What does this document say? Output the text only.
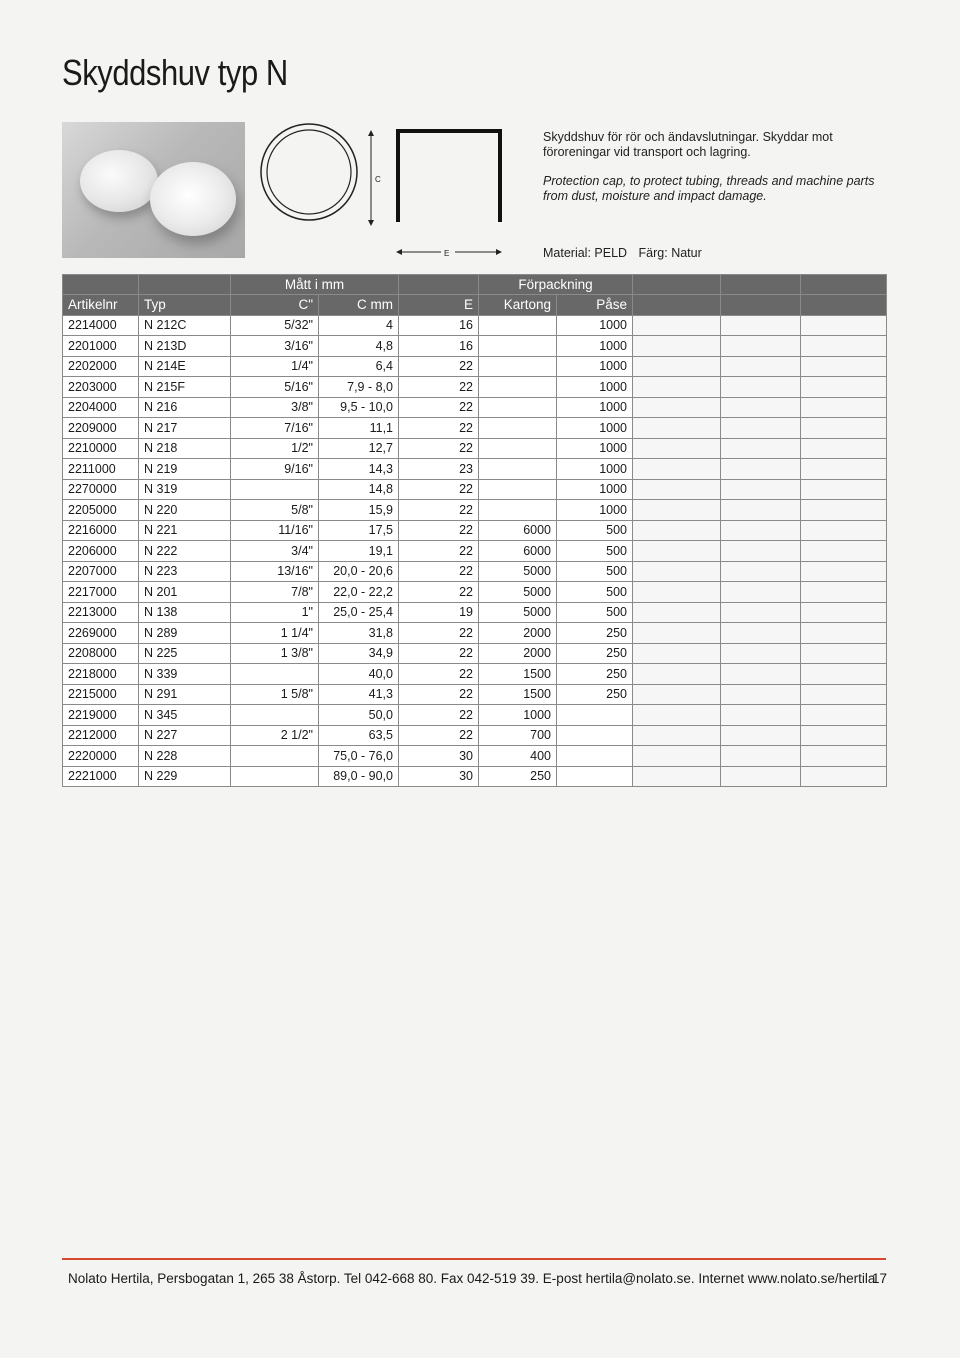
Skyddshuv typ N
C
E

Skyddshuv för rör och ändavslutningar. Skyddar mot föroreningar vid transport och lagring.

Protection cap, to protect tubing, threads and machine parts from dust, moisture and impact damage.

Material: PELD Färg: Natur
		Mått i mm			Förpackning				
Artikelnr	Typ	C"	C mm	E	Kartong	Påse			
2214000	N 212C	5/32"	4	16		1000			
2201000	N 213D	3/16"	4,8	16		1000			
2202000	N 214E	1/4"	6,4	22		1000			
2203000	N 215F	5/16"	7,9 - 8,0	22		1000			
2204000	N 216	3/8"	9,5 - 10,0	22		1000			
2209000	N 217	7/16"	11,1	22		1000			
2210000	N 218	1/2"	12,7	22		1000			
2211000	N 219	9/16"	14,3	23		1000			
2270000	N 319		14,8	22		1000			
2205000	N 220	5/8"	15,9	22		1000			
2216000	N 221	11/16"	17,5	22	6000	500			
2206000	N 222	3/4"	19,1	22	6000	500			
2207000	N 223	13/16"	20,0 - 20,6	22	5000	500			
2217000	N 201	7/8"	22,0 - 22,2	22	5000	500			
2213000	N 138	1"	25,0 - 25,4	19	5000	500			
2269000	N 289	1 1/4"	31,8	22	2000	250			
2208000	N 225	1 3/8"	34,9	22	2000	250			
2218000	N 339		40,0	22	1500	250			
2215000	N 291	1 5/8"	41,3	22	1500	250			
2219000	N 345		50,0	22	1000				
2212000	N 227	2 1/2"	63,5	22	700				
2220000	N 228		75,0 - 76,0	30	400				
2221000	N 229		89,0 - 90,0	30	250				
Nolato Hertila, Persbogatan 1, 265 38 Åstorp. Tel 042-668 80. Fax 042-519 39. E-post hertila@nolato.se. Internet www.nolato.se/hertila
17
